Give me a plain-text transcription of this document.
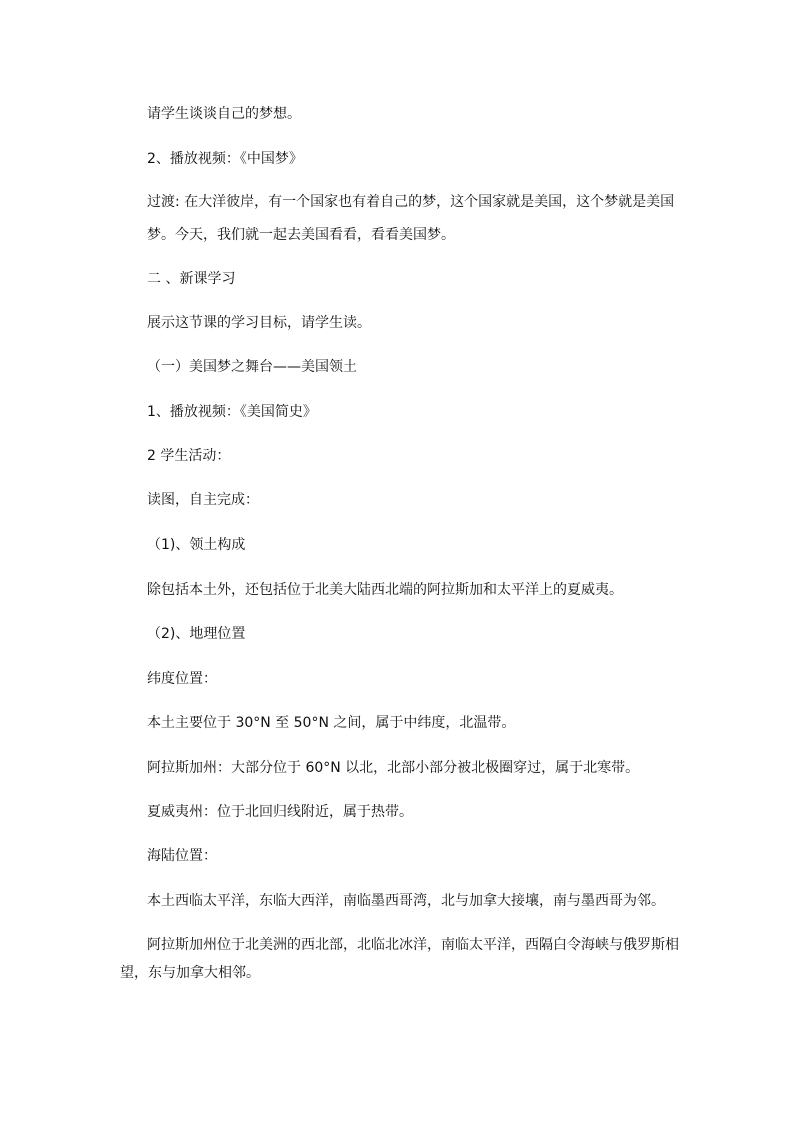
请学生谈谈自己的梦想。
2、播放视频：《中国梦》
过渡: 在大洋彼岸，有一个国家也有着自己的梦，这个国家就是美国，这个梦就是美国
梦。今天，我们就一起去美国看看，看看美国梦。
二 、新课学习
展示这节课的学习目标，请学生读。
（一）美国梦之舞台——美国领土
1、播放视频：《美国简史》
2 学生活动：
读图，自主完成：
（1)、领土构成
除包括本土外，还包括位于北美大陆西北端的阿拉斯加和太平洋上的夏威夷。
（2)、地理位置
纬度位置：
本土主要位于 30°N 至 50°N 之间，属于中纬度，北温带。
阿拉斯加州：大部分位于 60°N 以北，北部小部分被北极圈穿过，属于北寒带。
夏威夷州：位于北回归线附近，属于热带。
海陆位置：
本土西临太平洋，东临大西洋，南临墨西哥湾，北与加拿大接壤，南与墨西哥为邻。
阿拉斯加州位于北美洲的西北部，北临北冰洋，南临太平洋，西隔白令海峡与俄罗斯相望，东与加拿大相邻。
